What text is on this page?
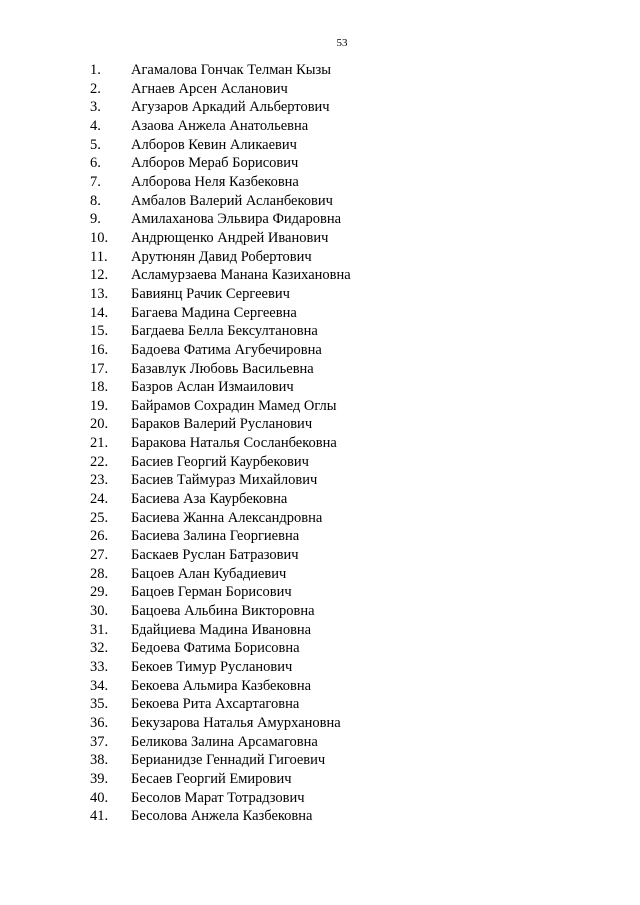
53
1.	Агамалова Гончак Телман Кызы
2.	Агнаев Арсен Асланович
3.	Агузаров Аркадий Альбертович
4.	Азаова Анжела Анатольевна
5.	Алборов Кевин Аликаевич
6.	Алборов Мераб Борисович
7.	Алборова Неля Казбековна
8.	Амбалов Валерий Асланбекович
9.	Амилаханова Эльвира Фидаровна
10.	Андрющенко Андрей Иванович
11.	Арутюнян Давид Робертович
12.	Асламурзаева Манана Казихановна
13.	Бавиянц Рачик Сергеевич
14.	Багаева Мадина Сергеевна
15.	Багдаева Белла Бексултановна
16.	Бадоева Фатима Агубечировна
17.	Базавлук Любовь Васильевна
18.	Базров Аслан Измаилович
19.	Байрамов Сохрадин Мамед Оглы
20.	Бараков Валерий Русланович
21.	Баракова Наталья Сосланбековна
22.	Басиев Георгий Каурбекович
23.	Басиев Таймураз Михайлович
24.	Басиева Аза Каурбековна
25.	Басиева Жанна Александровна
26.	Басиева Залина Георгиевна
27.	Баскаев Руслан Батразович
28.	Бацоев Алан Кубадиевич
29.	Бацоев Герман Борисович
30.	Бацоева Альбина Викторовна
31.	Бдайциева Мадина Ивановна
32.	Бедоева Фатима Борисовна
33.	Бекоев Тимур Русланович
34.	Бекоева Альмира Казбековна
35.	Бекоева Рита Ахсартаговна
36.	Бекузарова Наталья Амурхановна
37.	Беликова Залина Арсамаговна
38.	Берианидзе Геннадий Гигоевич
39.	Бесаев Георгий Емирович
40.	Бесолов Марат Тотрадзович
41.	Бесолова Анжела Казбековна
